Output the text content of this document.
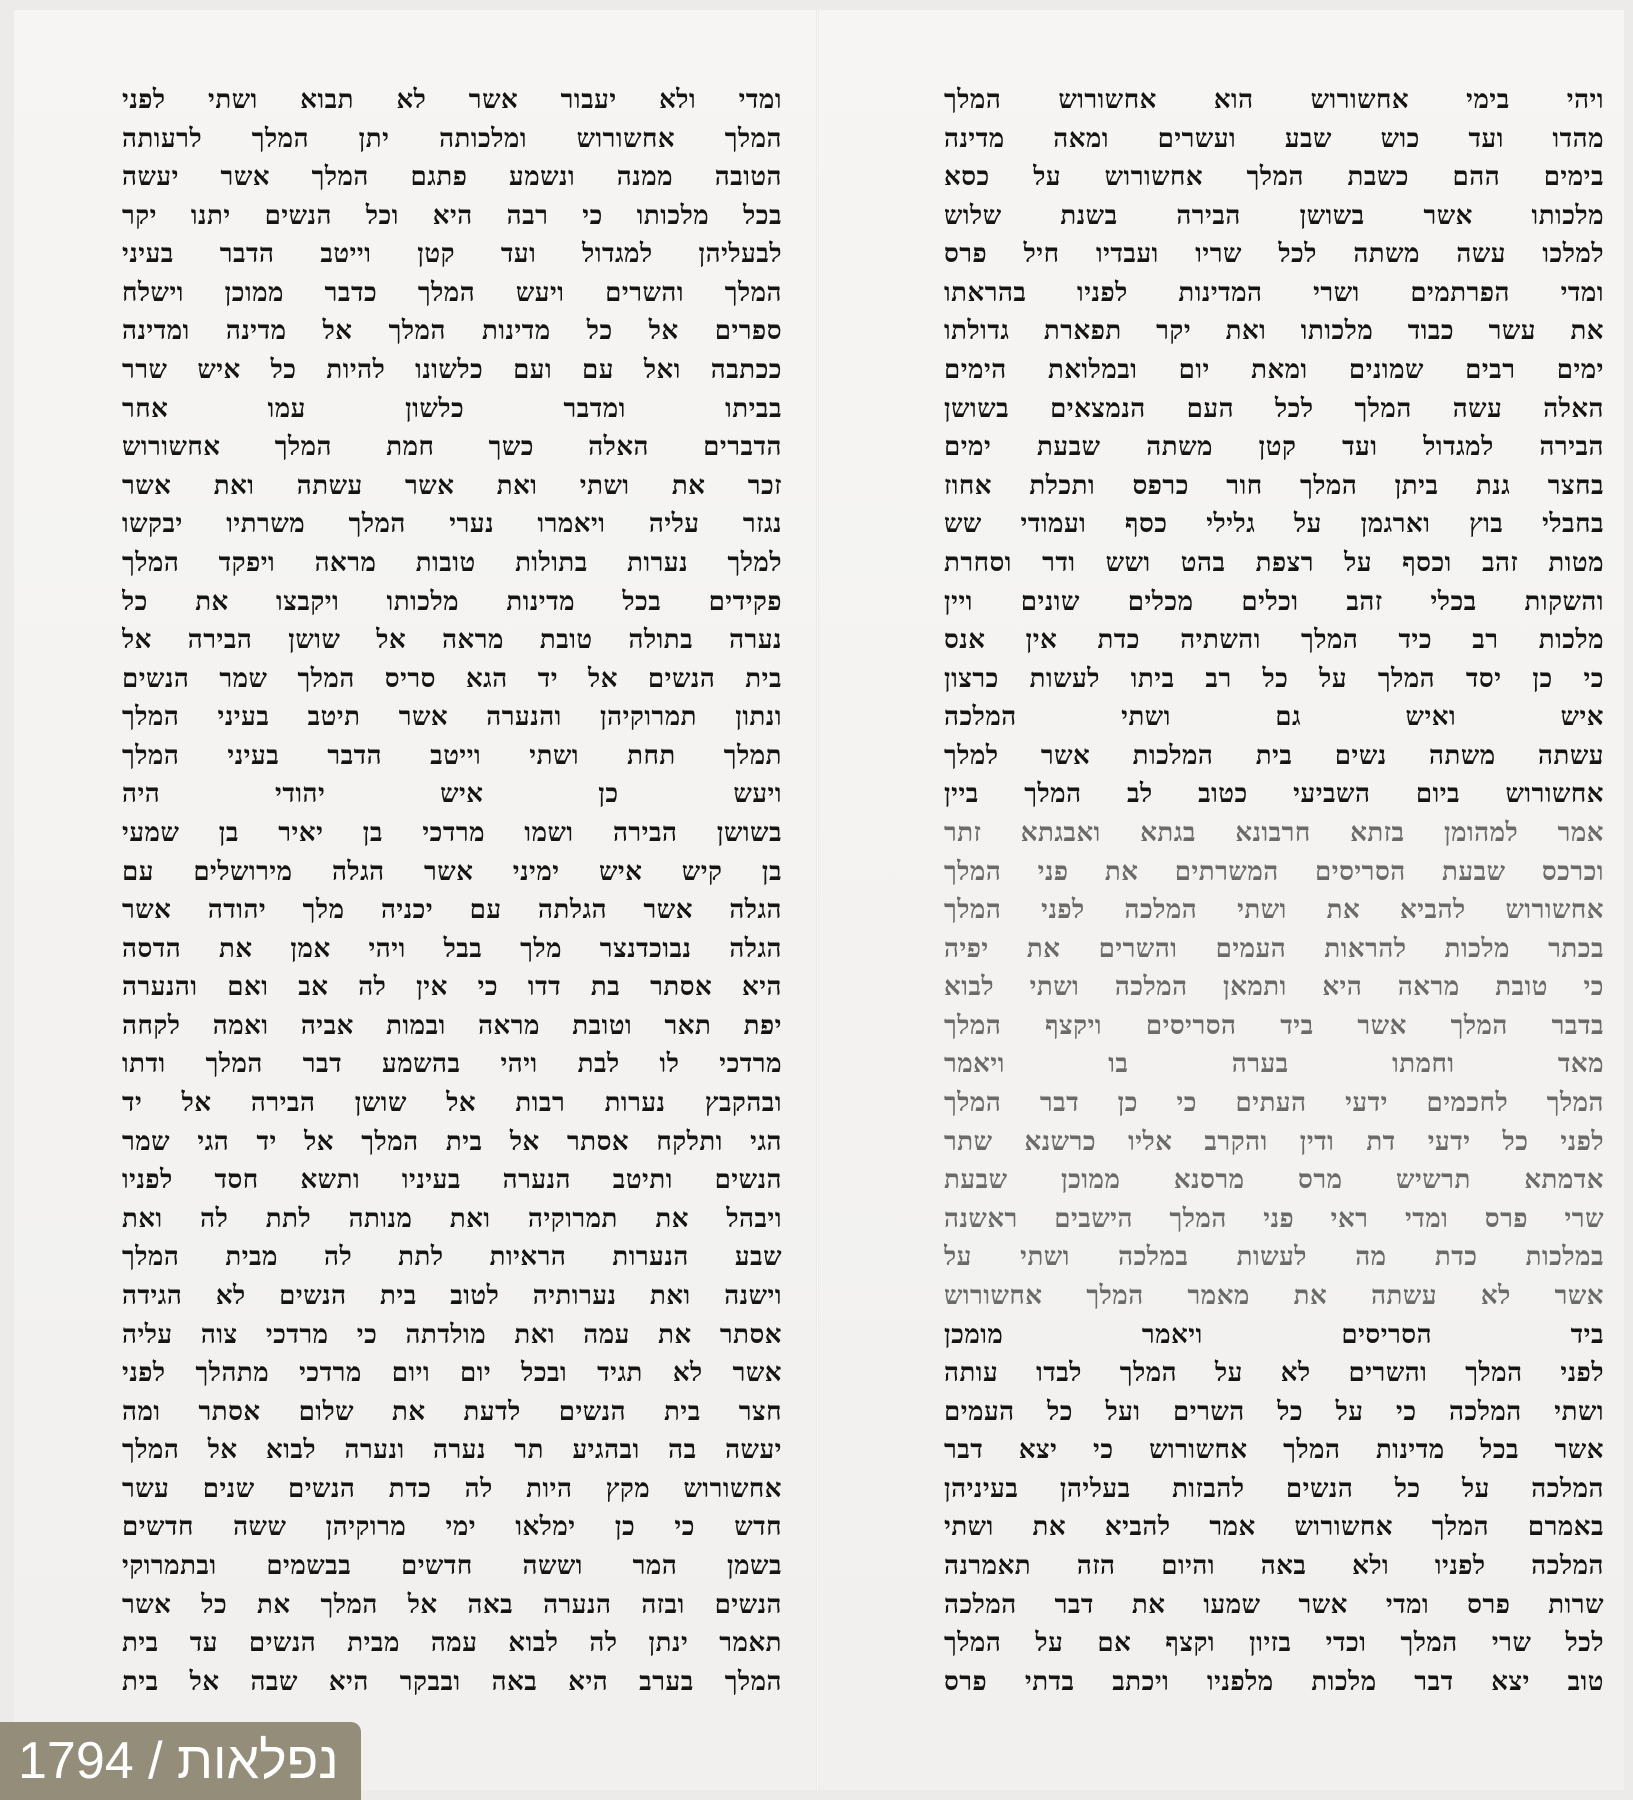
ויהי בימי אחשורוש הוא אחשורוש המלך
מהדו ועד כוש שבע ועשרים ומאה מדינה
בימים ההם כשבת המלך אחשורוש על כסא
מלכותו אשר בשושן הבירה בשנת שלוש
למלכו עשה משתה לכל שריו ועבדיו חיל פרס
ומדי הפרתמים ושרי המדינות לפניו בהראתו
את עשר כבוד מלכותו ואת יקר תפארת גדולתו
ימים רבים שמונים ומאת יום ובמלואת הימים
האלה עשה המלך לכל העם הנמצאים בשושן
הבירה למגדול ועד קטן משתה שבעת ימים
בחצר גנת ביתן המלך חור כרפס ותכלת אחוז
בחבלי בוץ וארגמן על גלילי כסף ועמודי שש
מטות זהב וכסף על רצפת בהט ושש ודר וסחרת
והשקות בכלי זהב וכלים מכלים שונים ויין
מלכות רב כיד המלך והשתיה כדת אין אנס
כי כן יסד המלך על כל רב ביתו לעשות כרצון
איש ואיש גם ושתי המלכה
עשתה משתה נשים בית המלכות אשר למלך
אחשורוש ביום השביעי כטוב לב המלך ביין
אמר למהומן בזתא חרבונא בגתא ואבגתא זתר
וכרכס שבעת הסריסים המשרתים את פני המלך
אחשורוש להביא את ושתי המלכה לפני המלך
בכתר מלכות להראות העמים והשרים את יפיה
כי טובת מראה היא ותמאן המלכה ושתי לבוא
בדבר המלך אשר ביד הסריסים ויקצף המלך
מאד וחמתו בערה בו ויאמר
המלך לחכמים ידעי העתים כי כן דבר המלך
לפני כל ידעי דת ודין והקרב אליו כרשנא שתר
אדמתא תרשיש מרס מרסנא ממוכן שבעת
שרי פרס ומדי ראי פני המלך הישבים ראשנה
במלכות כדת מה לעשות במלכה ושתי על
אשר לא עשתה את מאמר המלך אחשורוש
ביד הסריסים ויאמר מומכן
לפני המלך והשרים לא על המלך לבדו עותה
ושתי המלכה כי על כל השרים ועל כל העמים
אשר בכל מדינות המלך אחשורוש כי יצא דבר
המלכה על כל הנשים להבזות בעליהן בעיניהן
באמרם המלך אחשורוש אמר להביא את ושתי
המלכה לפניו ולא באה והיום הזה תאמרנה
שרות פרס ומדי אשר שמעו את דבר המלכה
לכל שרי המלך וכדי בזיון וקצף אם על המלך
טוב יצא דבר מלכות מלפניו ויכתב בדתי פרס
ומדי ולא יעבור אשר לא תבוא ושתי לפני
המלך אחשורוש ומלכותה יתן המלך לרעותה
הטובה ממנה ונשמע פתגם המלך אשר יעשה
בכל מלכותו כי רבה היא וכל הנשים יתנו יקר
לבעליהן למגדול ועד קטן וייטב הדבר בעיני
המלך והשרים ויעש המלך כדבר ממוכן וישלח
ספרים אל כל מדינות המלך אל מדינה ומדינה
ככתבה ואל עם ועם כלשונו להיות כל איש שרר
בביתו ומדבר כלשון עמו אחר
הדברים האלה כשך חמת המלך אחשורוש
זכר את ושתי ואת אשר עשתה ואת אשר
נגזר עליה ויאמרו נערי המלך משרתיו יבקשו
למלך נערות בתולות טובות מראה ויפקד המלך
פקידים בכל מדינות מלכותו ויקבצו את כל
נערה בתולה טובת מראה אל שושן הבירה אל
בית הנשים אל יד הגא סריס המלך שמר הנשים
ונתון תמרוקיהן והנערה אשר תיטב בעיני המלך
תמלך תחת ושתי וייטב הדבר בעיני המלך
ויעש כן איש יהודי היה
בשושן הבירה ושמו מרדכי בן יאיר בן שמעי
בן קיש איש ימיני אשר הגלה מירושלים עם
הגלה אשר הגלתה עם יכניה מלך יהודה אשר
הגלה נבוכדנצר מלך בבל ויהי אמן את הדסה
היא אסתר בת דדו כי אין לה אב ואם והנערה
יפת תאר וטובת מראה ובמות אביה ואמה לקחה
מרדכי לו לבת ויהי בהשמע דבר המלך ודתו
ובהקבץ נערות רבות אל שושן הבירה אל יד
הגי ותלקח אסתר אל בית המלך אל יד הגי שמר
הנשים ותיטב הנערה בעיניו ותשא חסד לפניו
ויבהל את תמרוקיה ואת מנותה לתת לה ואת
שבע הנערות הראיות לתת לה מבית המלך
וישנה ואת נערותיה לטוב בית הנשים לא הגידה
אסתר את עמה ואת מולדתה כי מרדכי צוה עליה
אשר לא תגיד ובכל יום ויום מרדכי מתהלך לפני
חצר בית הנשים לדעת את שלום אסתר ומה
יעשה בה ובהגיע תר נערה ונערה לבוא אל המלך
אחשורוש מקץ היות לה כדת הנשים שנים עשר
חדש כי כן ימלאו ימי מרוקיהן ששה חדשים
בשמן המר וששה חדשים בבשמים ובתמרוקי
הנשים ובזה הנערה באה אל המלך את כל אשר
תאמר ינתן לה לבוא עמה מבית הנשים עד בית
המלך בערב היא באה ובבקר היא שבה אל בית
1794 / נפלאות
